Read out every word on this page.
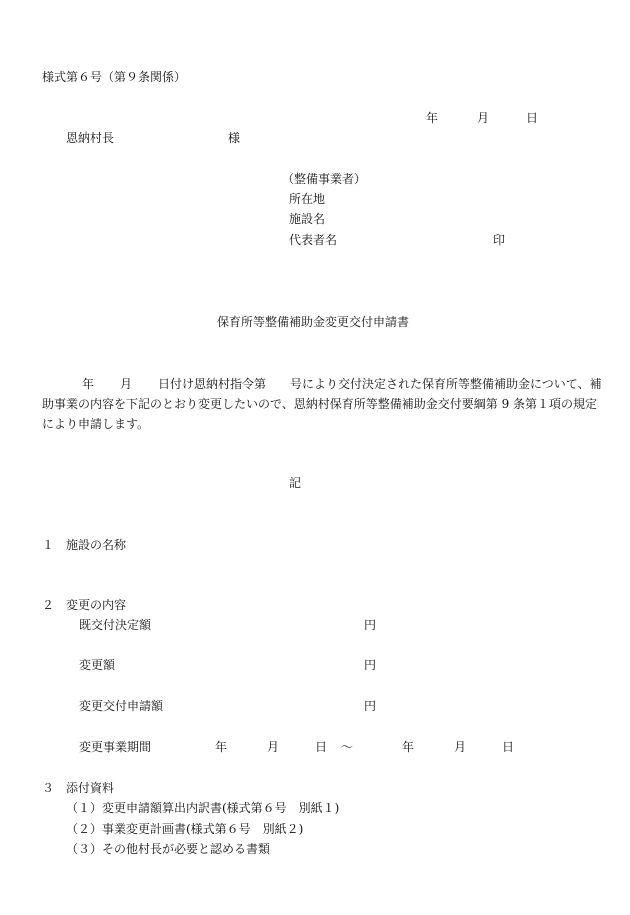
様式第６号（第９条関係）
年	月	日
恩納村長	様
（整備事業者）
所在地
施設名
代表者名	印
保育所等整備補助金変更交付申請書
年 月 日付け恩納村指令第 号により交付決定された保育所等整備補助金について、補助事業の内容を下記のとおり変更したいので、恩納村保育所等整備補助金交付要綱第 9 条第１項の規定により申請します。
記
１ 施設の名称
２ 変更の内容
既交付決定額	円
変更額	円
変更交付申請額	円
変更事業期間	年	月	日 ～	年	月	日
３ 添付資料
（１）変更申請額算出内訳書(様式第６号　別紙１)
（２）事業変更計画書(様式第６号　別紙２)
（３）その他村長が必要と認める書類
